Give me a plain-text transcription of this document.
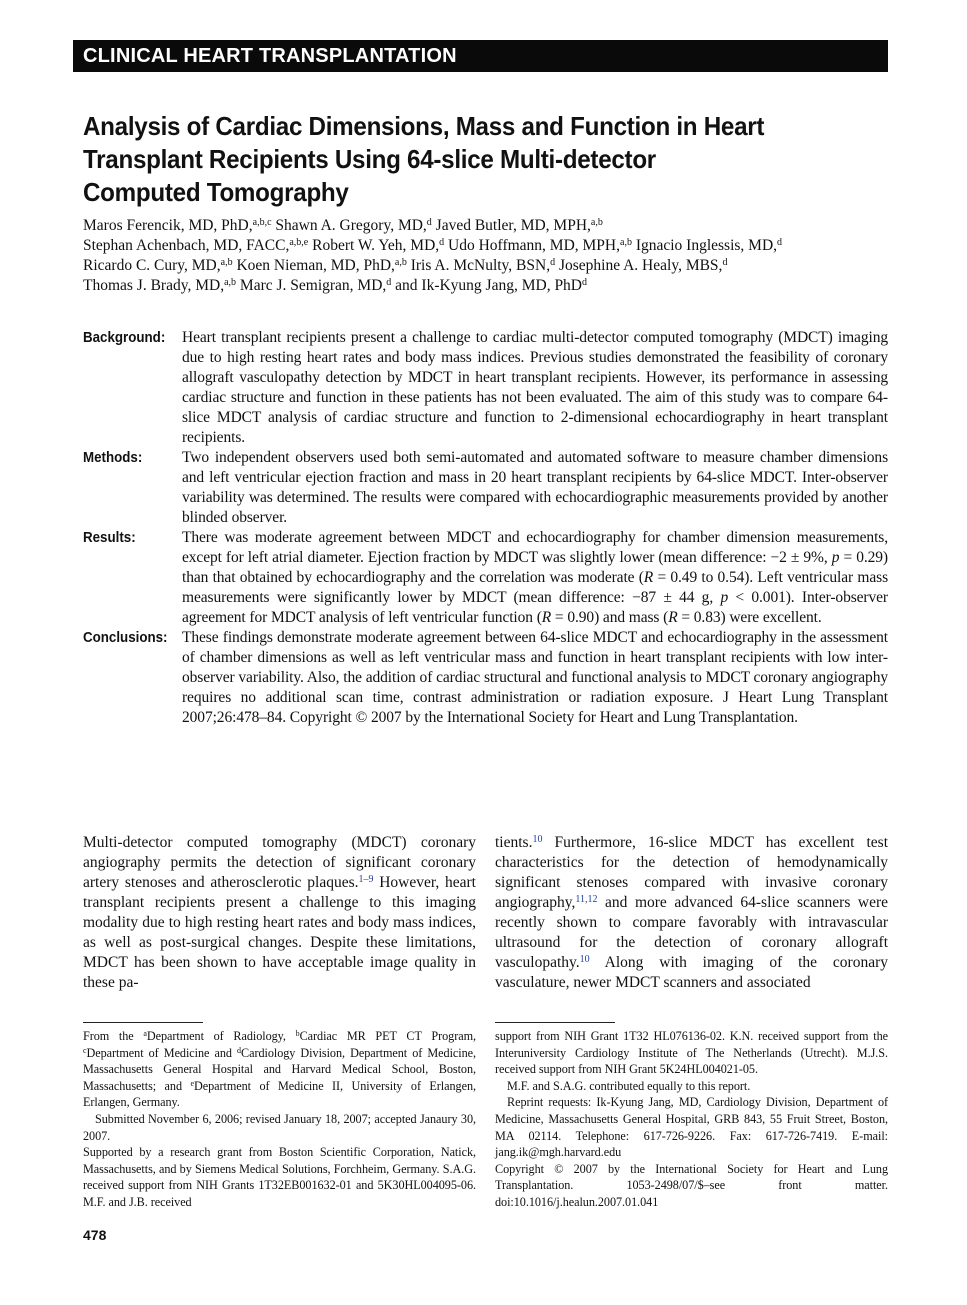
CLINICAL HEART TRANSPLANTATION
Analysis of Cardiac Dimensions, Mass and Function in Heart
Transplant Recipients Using 64-slice Multi-detector
Computed Tomography
Maros Ferencik, MD, PhD,$^{a,b,c}$ Shawn A. Gregory, MD,$^d$ Javed Butler, MD, MPH,$^{a,b}$
Stephan Achenbach, MD, FACC,$^{a,b,e}$ Robert W. Yeh, MD,$^d$ Udo Hoffmann, MD, MPH,$^{a,b}$ Ignacio Inglessis, MD,$^d$
Ricardo C. Cury, MD,$^{a,b}$ Koen Nieman, MD, PhD,$^{a,b}$ Iris A. McNulty, BSN,$^d$ Josephine A. Healy, MBS,$^d$
Thomas J. Brady, MD,$^{a,b}$ Marc J. Semigran, MD,$^d$ and Ik-Kyung Jang, MD, PhD$^d$
Background: Heart transplant recipients present a challenge to cardiac multi-detector computed tomography (MDCT) imaging due to high resting heart rates and body mass indices. Previous studies demonstrated the feasibility of coronary allograft vasculopathy detection by MDCT in heart transplant recipients. However, its performance in assessing cardiac structure and function in these patients has not been evaluated. The aim of this study was to compare 64-slice MDCT analysis of cardiac structure and function to 2-dimensional echocardiography in heart transplant recipients.
Methods:	Two independent observers used both semi-automated and automated software to measure chamber dimensions and left ventricular ejection fraction and mass in 20 heart transplant recipients by 64-slice MDCT. Inter-observer variability was determined. The results were compared with echocardiographic measurements provided by another blinded observer.
Results:	There was moderate agreement between MDCT and echocardiography for chamber dimension measurements, except for left atrial diameter. Ejection fraction by MDCT was slightly lower (mean difference: −2 ± 9%, p = 0.29) than that obtained by echocardiography and the correlation was moderate (R = 0.49 to 0.54). Left ventricular mass measurements were significantly lower by MDCT (mean difference: −87 ± 44 g, p < 0.001). Inter-observer agreement for MDCT analysis of left ventricular function (R = 0.90) and mass (R = 0.83) were excellent.
Conclusions: These findings demonstrate moderate agreement between 64-slice MDCT and echocardiography in the assessment of chamber dimensions as well as left ventricular mass and function in heart transplant recipients with low inter-observer variability. Also, the addition of cardiac structural and functional analysis to MDCT coronary angiography requires no additional scan time, contrast administration or radiation exposure. J Heart Lung Transplant 2007;26:478–84. Copyright © 2007 by the International Society for Heart and Lung Transplantation.

Multi-detector computed tomography (MDCT) coronary angiography permits the detection of significant coronary artery stenoses and atherosclerotic plaques.$^{1-9}$ However, heart transplant recipients present a challenge to this imaging modality due to high resting heart rates and body mass indices, as well as post-surgical changes. Despite these limitations, MDCT has been shown to have acceptable image quality in these pa-

tients.$^{10}$ Furthermore, 16-slice MDCT has excellent test characteristics for the detection of hemodynamically significant stenoses compared with invasive coronary angiography,$^{11,12}$ and more advanced 64-slice scanners were recently shown to compare favorably with intravascular ultrasound for the detection of coronary allograft vasculopathy.$^{10}$ Along with imaging of the coronary vasculature, newer MDCT scanners and associated

From the $^a$Department of Radiology, $^b$Cardiac MR PET CT Program, $^c$Department of Medicine and $^d$Cardiology Division, Department of Medicine, Massachusetts General Hospital and Harvard Medical School, Boston, Massachusetts; and $^e$Department of Medicine II, University of Erlangen, Erlangen, Germany.

Submitted November 6, 2006; revised January 18, 2007; accepted Janaury 30, 2007.

Supported by a research grant from Boston Scientific Corporation, Natick, Massachusetts, and by Siemens Medical Solutions, Forchheim, Germany. S.A.G. received support from NIH Grants 1T32EB001632-01 and 5K30HL004095-06. M.F. and J.B. received

support from NIH Grant 1T32 HL076136-02. K.N. received support from the Interuniversity Cardiology Institute of The Netherlands (Utrecht). M.J.S. received support from NIH Grant 5K24HL004021-05.

M.F. and S.A.G. contributed equally to this report.

Reprint requests: Ik-Kyung Jang, MD, Cardiology Division, Department of Medicine, Massachusetts General Hospital, GRB 843, 55 Fruit Street, Boston, MA 02114. Telephone: 617-726-9226. Fax: 617-726-7419. E-mail: jang.ik@mgh.harvard.edu

Copyright © 2007 by the International Society for Heart and Lung Transplantation. 1053-2498/07/$–see front matter. doi:10.1016/j.healun.2007.01.041

478
